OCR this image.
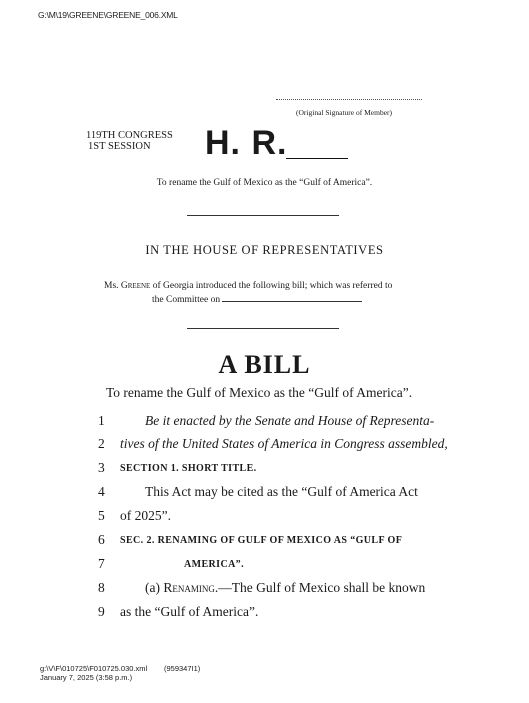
G:\M\19\GREENE\GREENE_006.XML
(Original Signature of Member)
119TH CONGRESS
1ST SESSION	H. R.
To rename the Gulf of Mexico as the “Gulf of America”.
IN THE HOUSE OF REPRESENTATIVES
Ms. Greene of Georgia introduced the following bill; which was referred to
the Committee on
A BILL
To rename the Gulf of Mexico as the “Gulf of America”.
1
2
3
4
5
6
7
8
9
Be it enacted by the Senate and House of Representa-
tives of the United States of America in Congress assembled,
SECTION 1. SHORT TITLE.
This Act may be cited as the “Gulf of America Act
of 2025”.
SEC. 2. RENAMING OF GULF OF MEXICO AS “GULF OF
AMERICA”.
(a) Renaming.—The Gulf of Mexico shall be known
as the “Gulf of America”.
g:\V\F\010725\F010725.030.xml (959347I1)
January 7, 2025 (3:58 p.m.)
